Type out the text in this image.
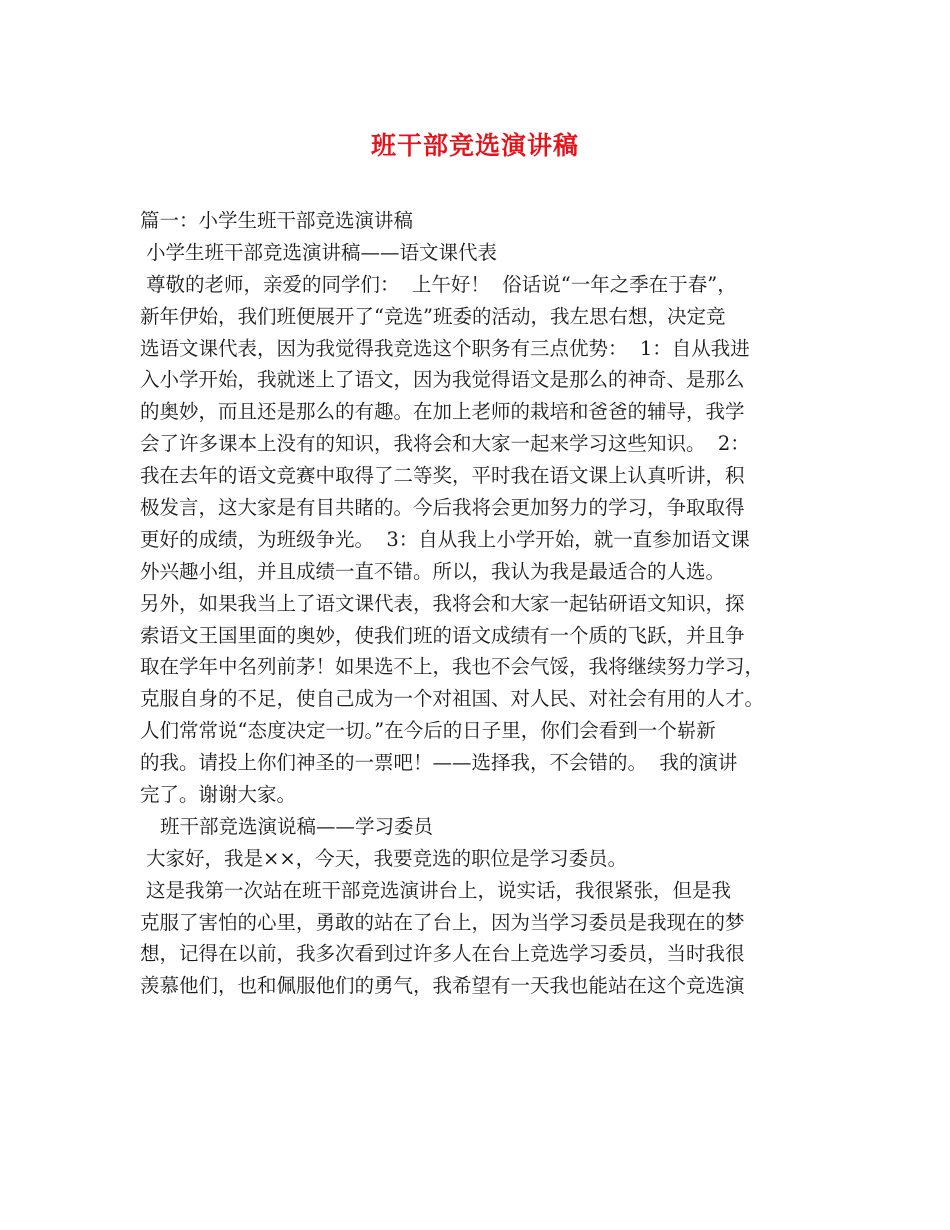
班干部竞选演讲稿
篇一：小学生班干部竞选演讲稿
小学生班干部竞选演讲稿——语文课代表
尊敬的老师，亲爱的同学们：  上午好！  俗话说“一年之季在于春”，
新年伊始，我们班便展开了“竞选”班委的活动，我左思右想，决定竞
选语文课代表，因为我觉得我竞选这个职务有三点优势：  1：自从我进
入小学开始，我就迷上了语文，因为我觉得语文是那么的神奇、是那么
的奥妙，而且还是那么的有趣。在加上老师的栽培和爸爸的辅导，我学
会了许多课本上没有的知识，我将会和大家一起来学习这些知识。  2：
我在去年的语文竞赛中取得了二等奖，平时我在语文课上认真听讲，积
极发言，这大家是有目共睹的。今后我将会更加努力的学习，争取取得
更好的成绩，为班级争光。  3：自从我上小学开始，就一直参加语文课
外兴趣小组，并且成绩一直不错。所以，我认为我是最适合的人选。
另外，如果我当上了语文课代表，我将会和大家一起钻研语文知识，探
索语文王国里面的奥妙，使我们班的语文成绩有一个质的飞跃，并且争
取在学年中名列前茅！如果选不上，我也不会气馁，我将继续努力学习，
克服自身的不足，使自己成为一个对祖国、对人民、对社会有用的人才。
人们常常说“态度决定一切。”在今后的日子里，你们会看到一个崭新
的我。请投上你们神圣的一票吧！——选择我，不会错的。  我的演讲
完了。谢谢大家。
班干部竞选演说稿——学习委员
大家好，我是××，今天，我要竞选的职位是学习委员。
这是我第一次站在班干部竞选演讲台上，说实话，我很紧张，但是我
克服了害怕的心里，勇敢的站在了台上，因为当学习委员是我现在的梦
想，记得在以前，我多次看到过许多人在台上竞选学习委员，当时我很
羡慕他们，也和佩服他们的勇气，我希望有一天我也能站在这个竞选演
